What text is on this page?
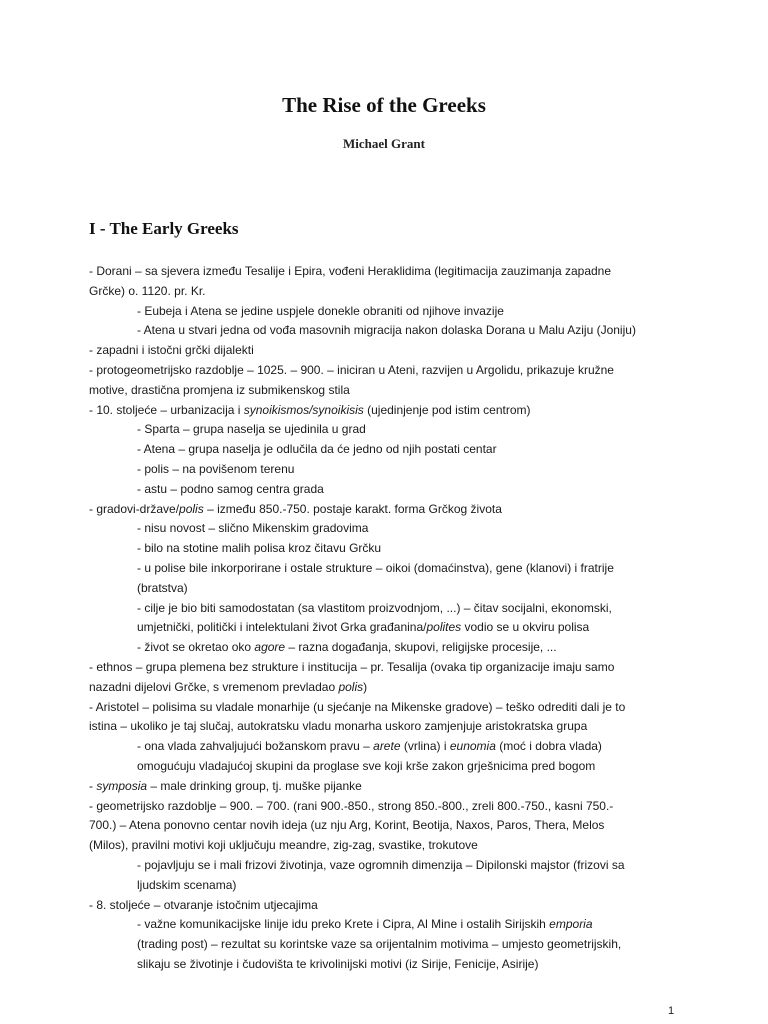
The Rise of the Greeks
Michael Grant
I - The Early Greeks
- Dorani – sa sjevera između Tesalije i Epira, vođeni Heraklidima (legitimacija zauzimanja zapadne
Grčke) o. 1120. pr. Kr.
- Eubeja i Atena se jedine uspjele donekle obraniti od njihove invazije
- Atena u stvari jedna od vođa masovnih migracija nakon dolaska Dorana u Malu Aziju (Joniju)
- zapadni i istočni grčki dijalekti
- protogeometrijsko razdoblje – 1025. – 900. – iniciran u Ateni, razvijen u Argolidu, prikazuje kružne
motive, drastična promjena iz submikenskog stila
- 10. stoljeće – urbanizacija i synoikismos/synoikisis (ujedinjenje pod istim centrom)
- Sparta – grupa naselja se ujedinila u grad
- Atena – grupa naselja je odlučila da će jedno od njih postati centar
- polis – na povišenom terenu
- astu – podno samog centra grada
- gradovi-države/polis – između 850.-750. postaje karakt. forma Grčkog života
- nisu novost – slično Mikenskim gradovima
- bilo na stotine malih polisa kroz čitavu Grčku
- u polise bile inkorporirane i ostale strukture – oikoi (domaćinstva), gene (klanovi) i fratrije
(bratstva)
- cilje je bio biti samodostatan (sa vlastitom proizvodnjom, ...) – čitav socijalni, ekonomski,
umjetnički, politički i intelektulani život Grka građanina/polites vodio se u okviru polisa
- život se okretao oko agore – razna događanja, skupovi, religijske procesije, ...
- ethnos – grupa plemena bez strukture i institucija – pr. Tesalija (ovaka tip organizacije imaju samo
nazadni dijelovi Grčke, s vremenom prevladao polis)
- Aristotel – polisima su vladale monarhije (u sjećanje na Mikenske gradove) – teško odrediti dali je to
istina – ukoliko je taj slučaj, autokratsku vladu monarha uskoro zamjenjuje aristokratska grupa
- ona vlada zahvaljujući božanskom pravu – arete (vrlina) i eunomia (moć i dobra vlada)
omogućuju vladajućoj skupini da proglase sve koji krše zakon grješnicima pred bogom
- symposia – male drinking group, tj. muške pijanke
- geometrijsko razdoblje – 900. – 700. (rani 900.-850., strong 850.-800., zreli 800.-750., kasni 750.-
700.) – Atena ponovno centar novih ideja (uz nju Arg, Korint, Beotija, Naxos, Paros, Thera, Melos
(Milos), pravilni motivi koji uključuju meandre, zig-zag, svastike, trokutove
- pojavljuju se i mali frizovi životinja, vaze ogromnih dimenzija – Dipilonski majstor (frizovi sa
ljudskim scenama)
- 8. stoljeće – otvaranje istočnim utjecajima
- važne komunikacijske linije idu preko Krete i Cipra, Al Mine i ostalih Sirijskih emporia
(trading post) – rezultat su korintske vaze sa orijentalnim motivima – umjesto geometrijskih,
slikaju se životinje i čudovišta te krivolinijski motivi (iz Sirije, Fenicije, Asirije)
1
